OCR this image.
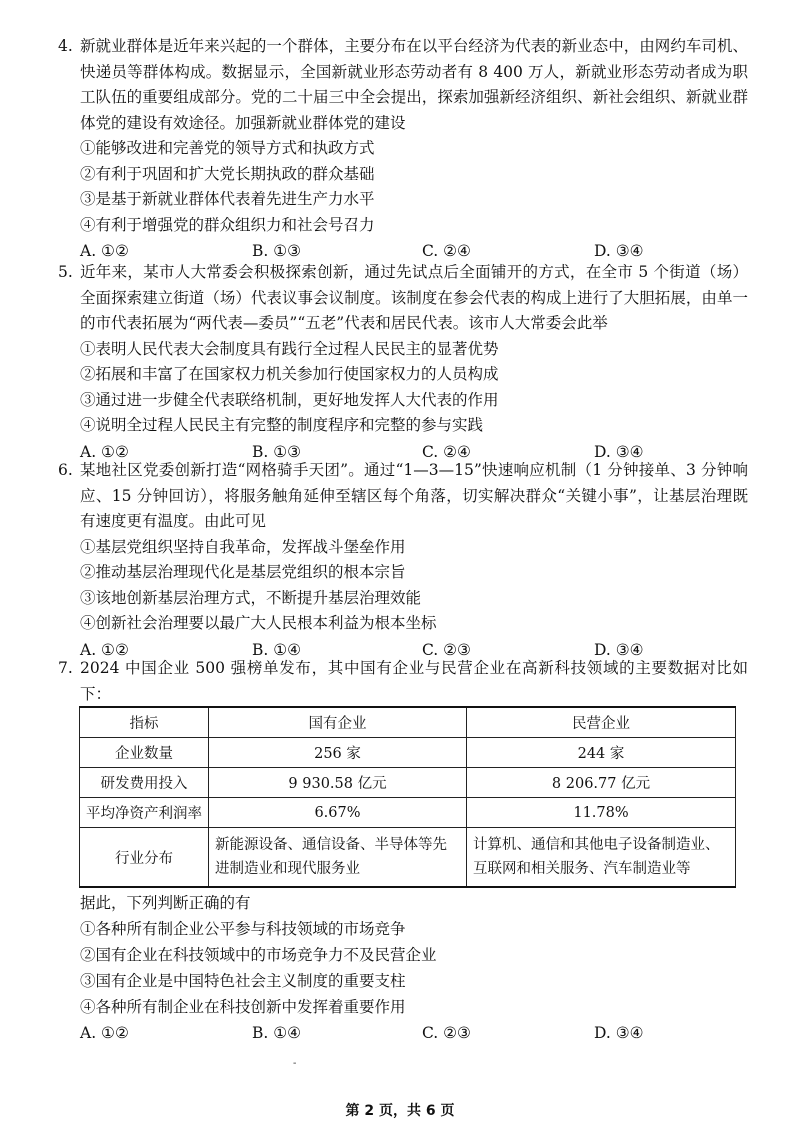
4. 新就业群体是近年来兴起的一个群体，主要分布在以平台经济为代表的新业态中，由网约车司机、快递员等群体构成。数据显示，全国新就业形态劳动者有 8 400 万人，新就业形态劳动者成为职工队伍的重要组成部分。党的二十届三中全会提出，探索加强新经济组织、新社会组织、新就业群体党的建设有效途径。加强新就业群体党的建设
①能够改进和完善党的领导方式和执政方式
②有利于巩固和扩大党长期执政的群众基础
③是基于新就业群体代表着先进生产力水平
④有利于增强党的群众组织力和社会号召力
A. ①②	B. ①③	C. ②④	D. ③④
5. 近年来，某市人大常委会积极探索创新，通过先试点后全面铺开的方式，在全市 5 个街道（场）全面探索建立街道（场）代表议事会议制度。该制度在参会代表的构成上进行了大胆拓展，由单一的市代表拓展为“两代表—委员”“五老”代表和居民代表。该市人大常委会此举
①表明人民代表大会制度具有践行全过程人民民主的显著优势
②拓展和丰富了在国家权力机关参加行使国家权力的人员构成
③通过进一步健全代表联络机制，更好地发挥人大代表的作用
④说明全过程人民民主有完整的制度程序和完整的参与实践
A. ①②	B. ①③	C. ②④	D. ③④
6. 某地社区党委创新打造“网格骑手天团”。通过“1—3—15”快速响应机制（1 分钟接单、3 分钟响应、15 分钟回访），将服务触角延伸至辖区每个角落，切实解决群众“关键小事”，让基层治理既有速度更有温度。由此可见
①基层党组织坚持自我革命，发挥战斗堡垒作用
②推动基层治理现代化是基层党组织的根本宗旨
③该地创新基层治理方式，不断提升基层治理效能
④创新社会治理要以最广大人民根本利益为根本坐标
A. ①②	B. ①④	C. ②③	D. ③④
7. 2024 中国企业 500 强榜单发布，其中国有企业与民营企业在高新科技领域的主要数据对比如下：
指标	国有企业	民营企业
企业数量	256 家	244 家
研发费用投入	9 930.58 亿元	8 206.77 亿元
平均净资产利润率	6.67%	11.78%
行业分布	新能源设备、通信设备、半导体等先进制造业和现代服务业	计算机、通信和其他电子设备制造业、互联网和相关服务、汽车制造业等
据此，下列判断正确的有
①各种所有制企业公平参与科技领域的市场竞争
②国有企业在科技领域中的市场竞争力不及民营企业
③国有企业是中国特色社会主义制度的重要支柱
④各种所有制企业在科技创新中发挥着重要作用
A. ①②	B. ①④	C. ②③	D. ③④
-
第 2 页，共 6 页
